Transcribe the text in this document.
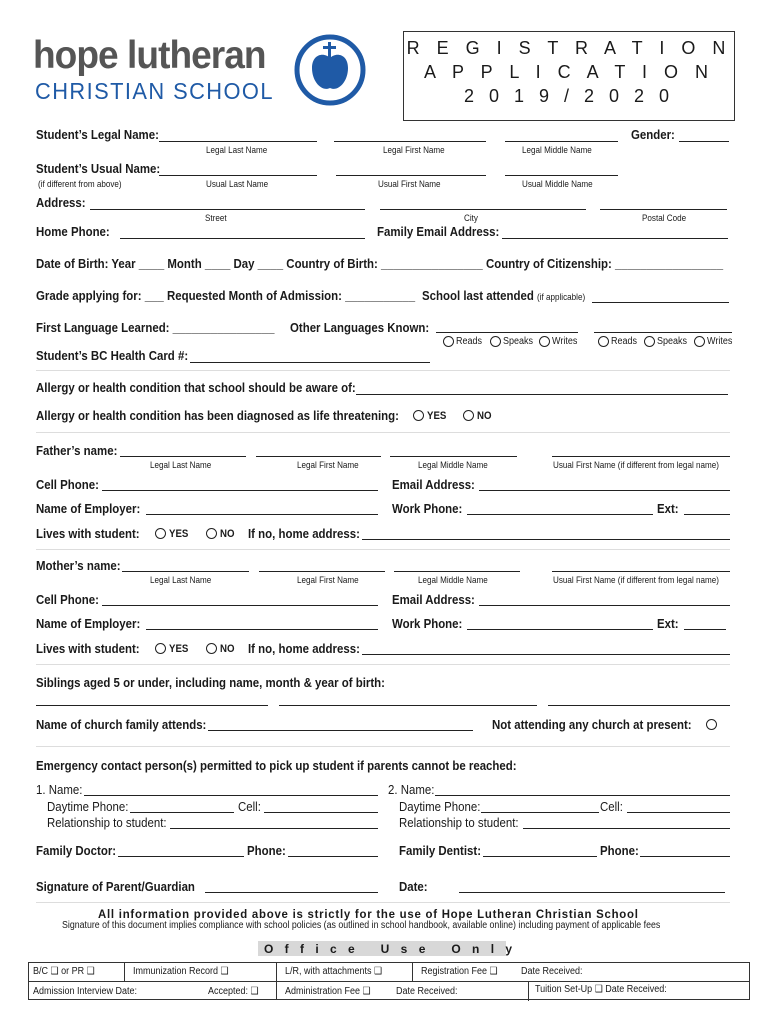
hope lutheran
CHRISTIAN SCHOOL
R E G I S T R A T I O N
A P P L I C A T I O N
2 0 1 9 / 2 0 2 0
Student’s Legal Name:	Gender:
Legal Last Name	Legal First Name	Legal Middle Name
Student’s Usual Name:
(if different from above)	Usual Last Name	Usual First Name	Usual Middle Name
Address:
Street	City	Postal Code
Home Phone:	Family Email Address:
Date of Birth: Year ____ Month ____ Day ____ Country of Birth: ________________ Country of Citizenship: _________________
Grade applying for: ___ Requested Month of Admission: ___________ School last attended (if applicable)
First Language Learned: ________________ Other Languages Known:
Reads Speaks Writes	Reads Speaks Writes
Student’s BC Health Card #:
Allergy or health condition that school should be aware of:
Allergy or health condition has been diagnosed as life threatening:	YES	NO
Father’s name:
Legal Last Name	Legal First Name	Legal Middle Name	Usual First Name (if different from legal name)
Cell Phone:	Email Address:
Name of Employer:	Work Phone:	Ext:
Lives with student:	YES	NO If no, home address:
Mother’s name:
Legal Last Name	Legal First Name	Legal Middle Name	Usual First Name (if different from legal name)
Cell Phone:	Email Address:
Name of Employer:	Work Phone:	Ext:
Lives with student:	YES	NO If no, home address:
Siblings aged 5 or under, including name, month & year of birth:
Name of church family attends:	Not attending any church at present:
Emergency contact person(s) permitted to pick up student if parents cannot be reached:
1. Name:
Daytime Phone:	Cell:
Relationship to student:
2. Name:
Daytime Phone:	Cell:
Relationship to student:
Family Doctor:	Phone:	Family Dentist:	Phone:
Signature of Parent/Guardian	Date:
All information provided above is strictly for the use of Hope Lutheran Christian School
Signature of this document implies compliance with school policies (as outlined in school handbook, available online) including payment of applicable fees
O f f i c e   U s e   O n l y
B/C ❑ or PR ❑	Immunization Record ❑	L/R, with attachments ❑	Registration Fee ❑ Date Received:
Admission Interview Date:	Accepted: ❑	Administration Fee ❑	Date Received:	Tuition Set-Up ❑ Date Received:
